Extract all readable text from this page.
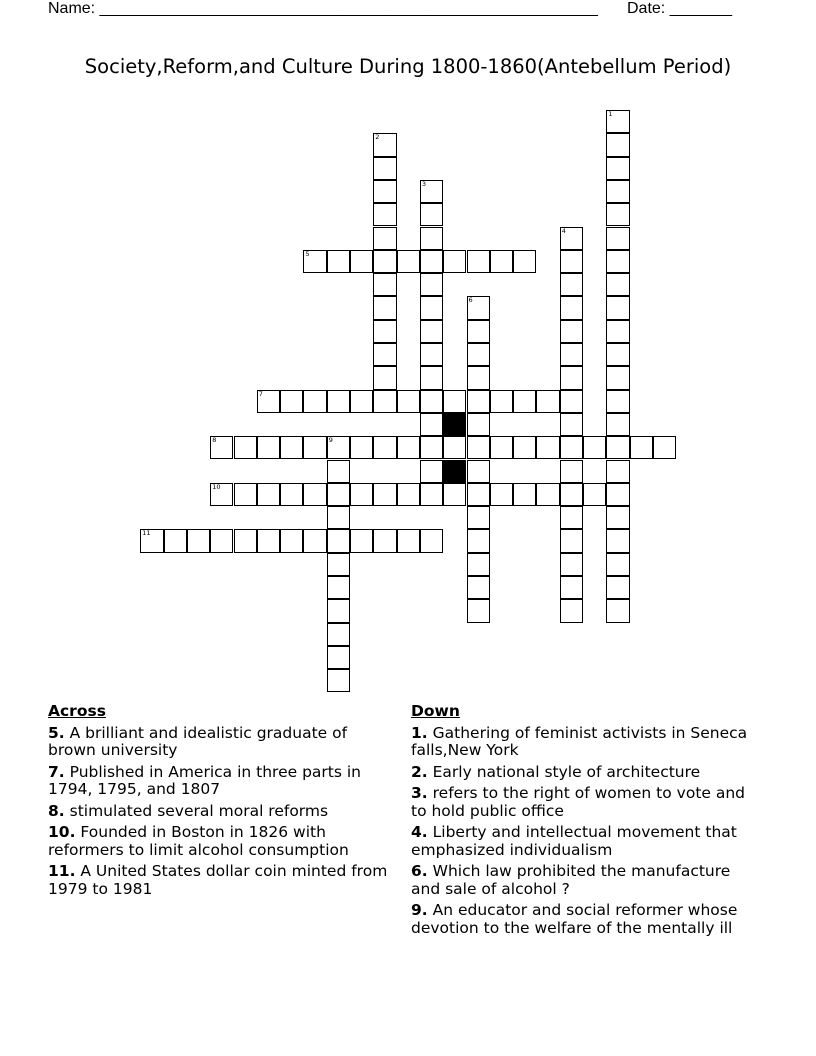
Name: ________________________________________________________ Date: _______
Society,Reform,and Culture During 1800-1860(Antebellum Period)
1
2
3
4
5
6
7
8	9
10
11
Across
5. A brilliant and idealistic graduate of brown university
7. Published in America in three parts in 1794, 1795, and 1807
8. stimulated several moral reforms
10. Founded in Boston in 1826 with reformers to limit alcohol consumption
11. A United States dollar coin minted from 1979 to 1981
Down
1. Gathering of feminist activists in Seneca falls,New York
2. Early national style of architecture
3. refers to the right of women to vote and to hold public office
4. Liberty and intellectual movement that emphasized individualism
6. Which law prohibited the manufacture and sale of alcohol ?
9. An educator and social reformer whose devotion to the welfare of the mentally ill
